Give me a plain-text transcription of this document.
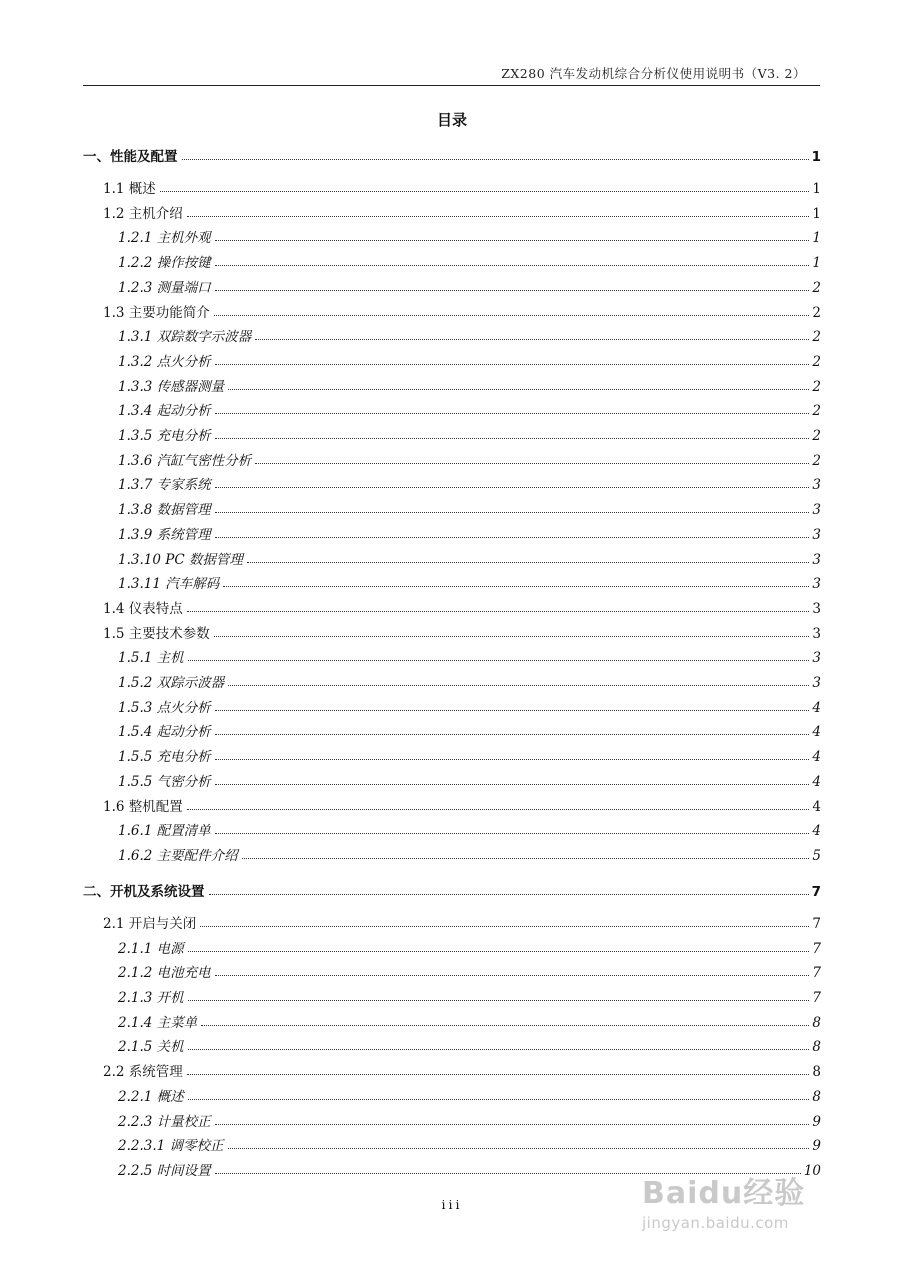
ZX280 汽车发动机综合分析仪使用说明书（V3. 2）
目录
一、性能及配置	1
1.1 概述	1
1.2 主机介绍	1
1.2.1 主机外观	1
1.2.2 操作按键	1
1.2.3 测量端口	2
1.3 主要功能简介	2
1.3.1 双踪数字示波器	2
1.3.2 点火分析	2
1.3.3 传感器测量	2
1.3.4 起动分析	2
1.3.5 充电分析	2
1.3.6 汽缸气密性分析	2
1.3.7 专家系统	3
1.3.8 数据管理	3
1.3.9 系统管理	3
1.3.10 PC 数据管理	3
1.3.11 汽车解码	3
1.4 仪表特点	3
1.5 主要技术参数	3
1.5.1 主机	3
1.5.2 双踪示波器	3
1.5.3 点火分析	4
1.5.4 起动分析	4
1.5.5 充电分析	4
1.5.5 气密分析	4
1.6 整机配置	4
1.6.1 配置清单	4
1.6.2 主要配件介绍	5
二、开机及系统设置	7
2.1 开启与关闭	7
2.1.1 电源	7
2.1.2 电池充电	7
2.1.3 开机	7
2.1.4 主菜单	8
2.1.5 关机	8
2.2 系统管理	8
2.2.1 概述	8
2.2.3 计量校正	9
2.2.3.1 调零校正	9
2.2.5 时间设置	10
iii	Baidu经验
jingyan.baidu.com
